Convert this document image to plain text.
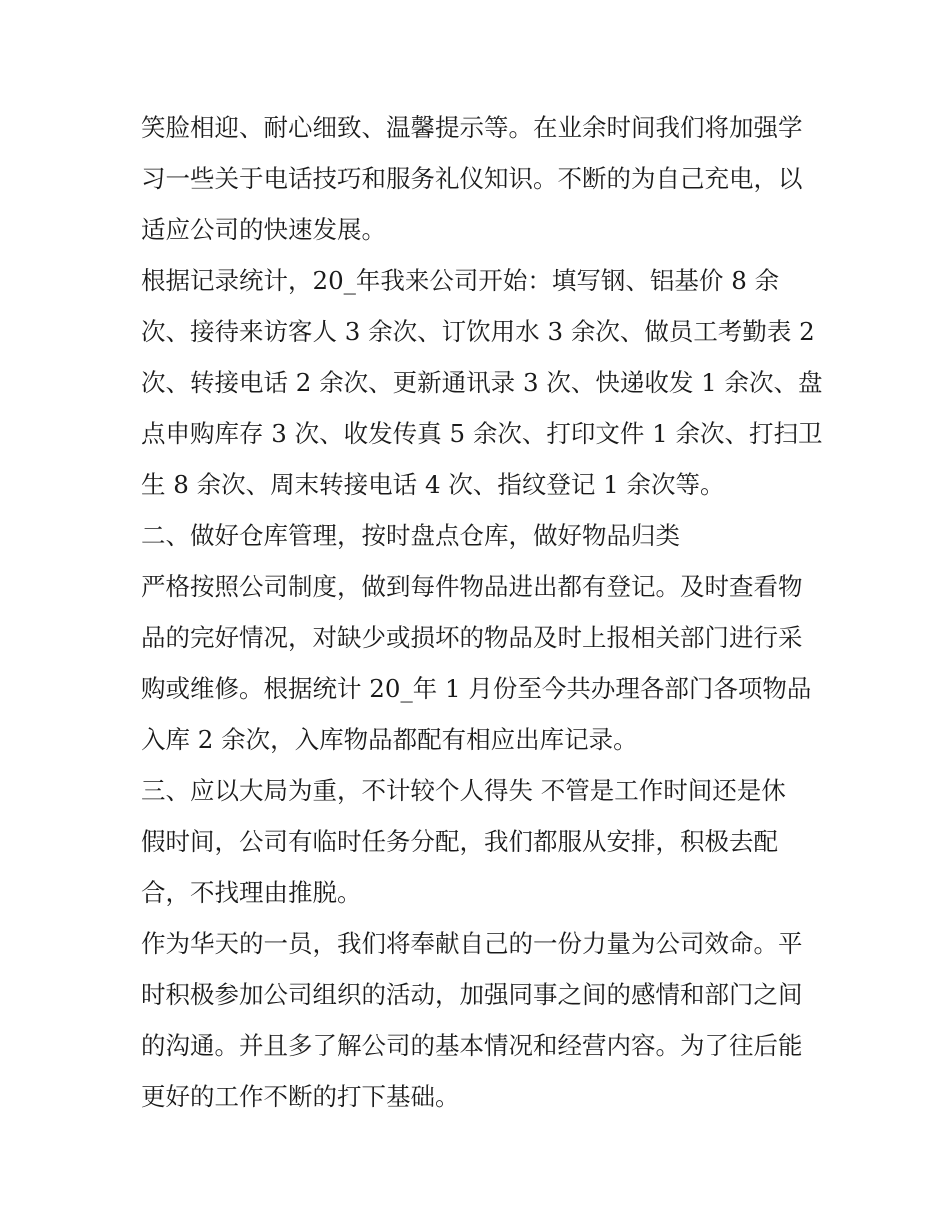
笑脸相迎、耐心细致、温馨提示等。在业余时间我们将加强学
习一些关于电话技巧和服务礼仪知识。不断的为自己充电，以
适应公司的快速发展。
根据记录统计，20_年我来公司开始：填写钢、铝基价 8 余
次、接待来访客人 3 余次、订饮用水 3 余次、做员工考勤表 2
次、转接电话 2 余次、更新通讯录 3 次、快递收发 1 余次、盘
点申购库存 3 次、收发传真 5 余次、打印文件 1 余次、打扫卫
生 8 余次、周末转接电话 4 次、指纹登记 1 余次等。
二、做好仓库管理，按时盘点仓库，做好物品归类
严格按照公司制度，做到每件物品进出都有登记。及时查看物
品的完好情况，对缺少或损坏的物品及时上报相关部门进行采
购或维修。根据统计 20_年 1 月份至今共办理各部门各项物品
入库 2 余次，入库物品都配有相应出库记录。
三、应以大局为重，不计较个人得失 不管是工作时间还是休
假时间，公司有临时任务分配，我们都服从安排，积极去配
合，不找理由推脱。
作为华天的一员，我们将奉献自己的一份力量为公司效命。平
时积极参加公司组织的活动，加强同事之间的感情和部门之间
的沟通。并且多了解公司的基本情况和经营内容。为了往后能
更好的工作不断的打下基础。
